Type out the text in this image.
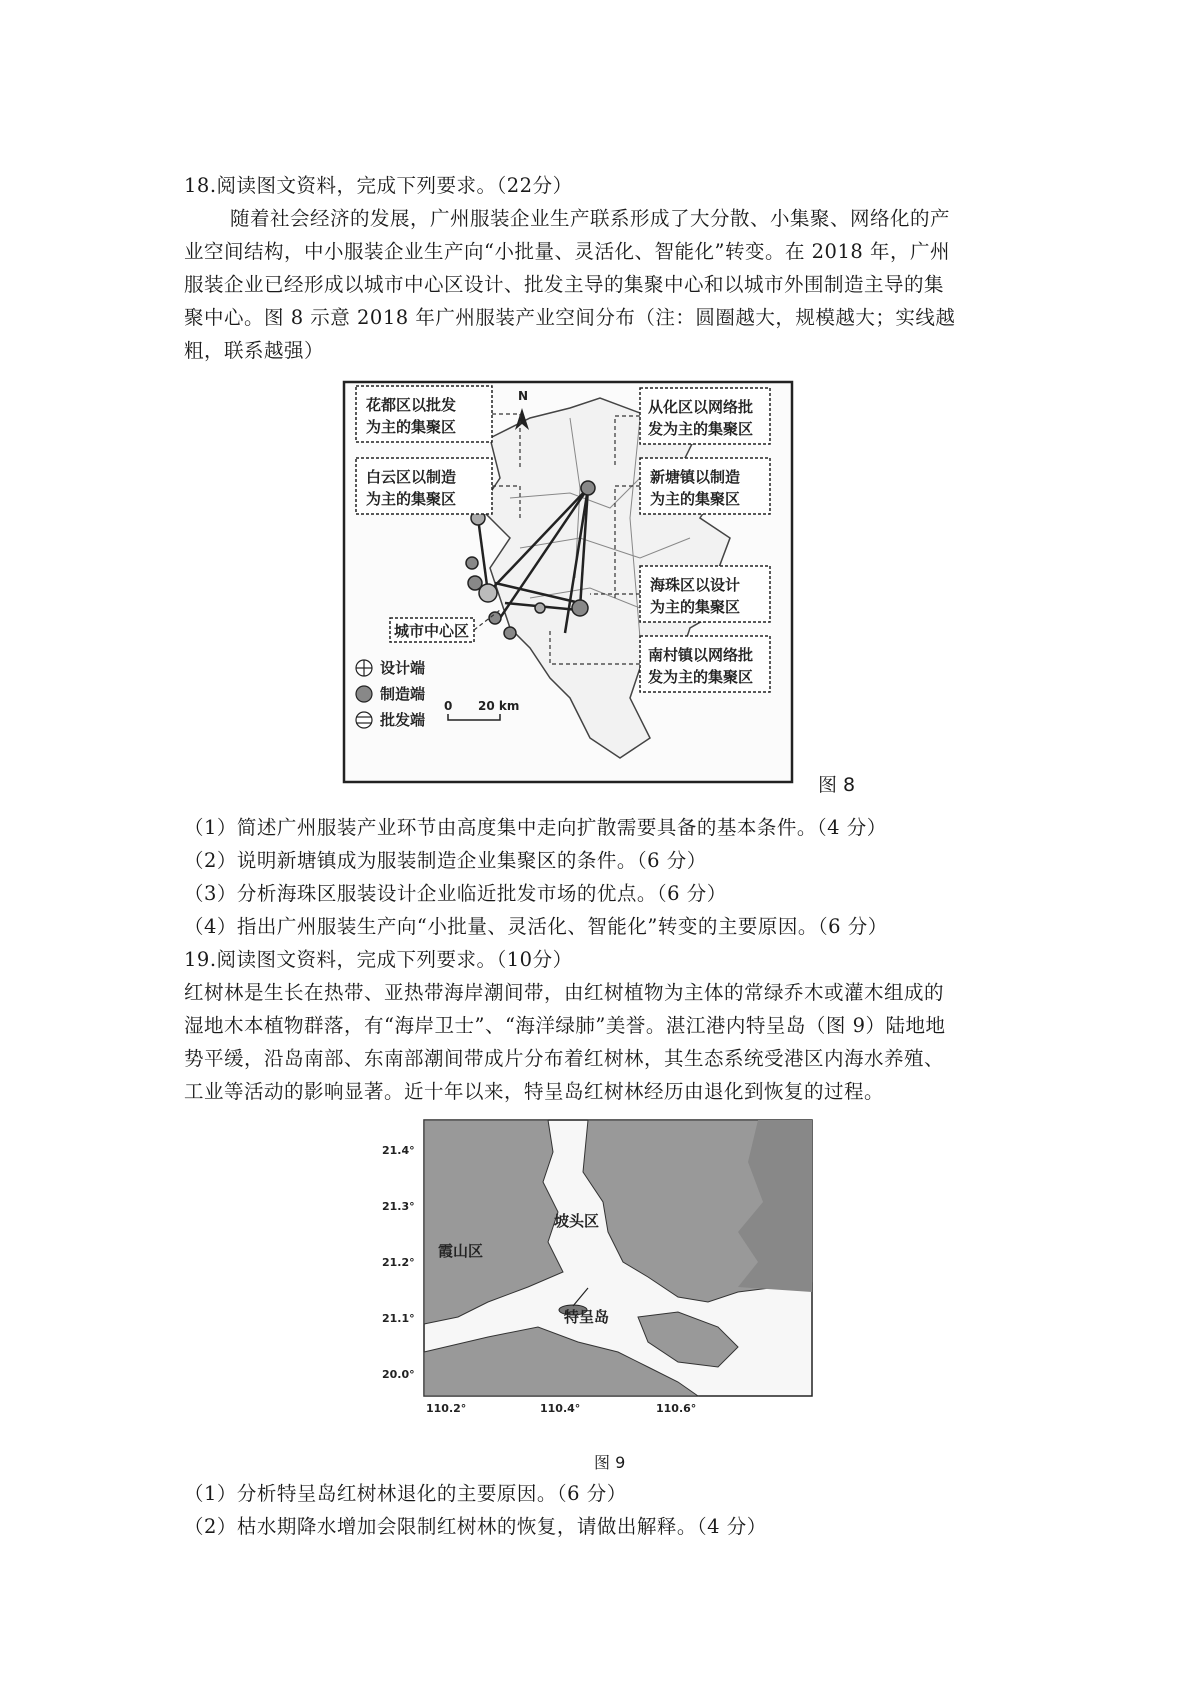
18.阅读图文资料，完成下列要求。（22分）
随着社会经济的发展，广州服装企业生产联系形成了大分散、小集聚、网络化的产
业空间结构，中小服装企业生产向“小批量、灵活化、智能化”转变。在 2018 年，广州
服装企业已经形成以城市中心区设计、批发主导的集聚中心和以城市外围制造主导的集
聚中心。图 8 示意 2018 年广州服装产业空间分布（注：圆圈越大，规模越大；实线越
粗，联系越强）
N
花都区以批发
为主的集聚区
白云区以制造
为主的集聚区
从化区以网络批
发为主的集聚区
新塘镇以制造
为主的集聚区
海珠区以设计
为主的集聚区
南村镇以网络批
发为主的集聚区
城市中心区
设计端
制造端
批发端
0 20 km
图 8
（1）简述广州服装产业环节由高度集中走向扩散需要具备的基本条件。（4 分）
（2）说明新塘镇成为服装制造企业集聚区的条件。（6 分）
（3）分析海珠区服装设计企业临近批发市场的优点。（6 分）
（4）指出广州服装生产向“小批量、灵活化、智能化”转变的主要原因。（6 分）
19.阅读图文资料，完成下列要求。（10分）
红树林是生长在热带、亚热带海岸潮间带，由红树植物为主体的常绿乔木或灌木组成的
湿地木本植物群落，有“海岸卫士”、“海洋绿肺”美誉。湛江港内特呈岛（图 9）陆地地
势平缓，沿岛南部、东南部潮间带成片分布着红树林，其生态系统受港区内海水养殖、
工业等活动的影响显著。近十年以来，特呈岛红树林经历由退化到恢复的过程。
坡头区
霞山区
特呈岛
21.4°
21.3°
21.2°
21.1°
20.0°
110.2°	110.4°	110.6°
图 9
（1）分析特呈岛红树林退化的主要原因。（6 分）
（2）枯水期降水增加会限制红树林的恢复，请做出解释。（4 分）
